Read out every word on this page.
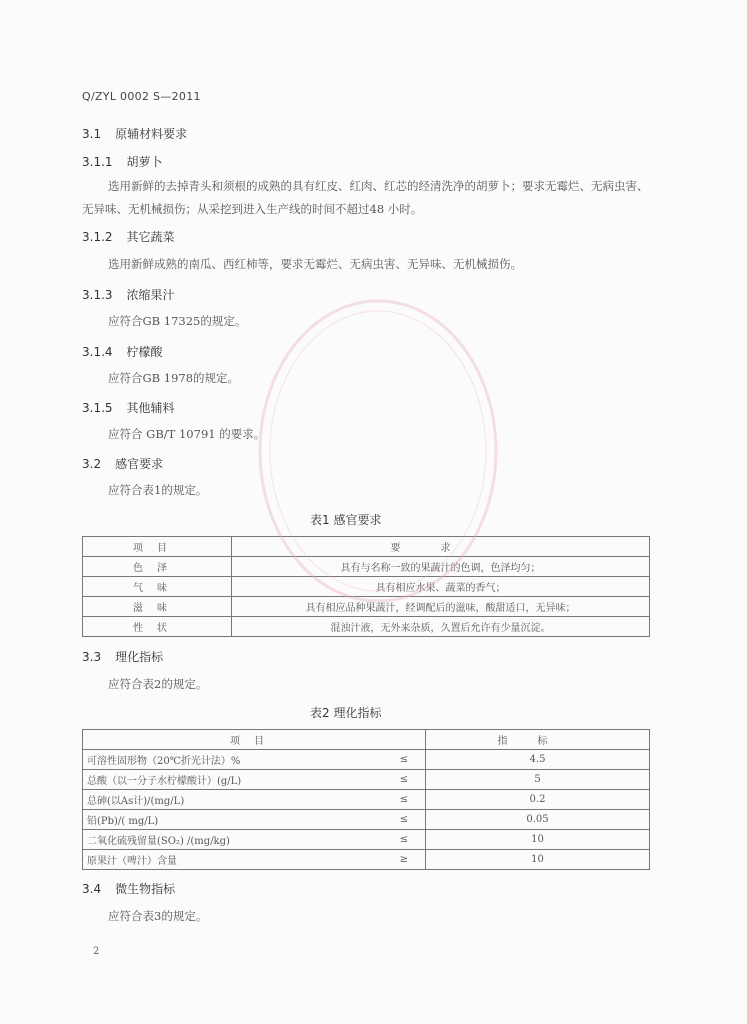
Q/ZYL 0002 S—2011
3.1 原辅材料要求
3.1.1 胡萝卜
选用新鲜的去掉青头和须根的成熟的具有红皮、红肉、红芯的经清洗净的胡萝卜；要求无霉烂、无病虫害、无异味、无机械损伤；从采挖到进入生产线的时间不超过48 小时。
3.1.2 其它蔬菜
选用新鲜成熟的南瓜、西红柿等，要求无霉烂、无病虫害、无异味、无机械损伤。
3.1.3 浓缩果汁
应符合GB 17325的规定。
3.1.4 柠檬酸
应符合GB 1978的规定。
3.1.5 其他辅料
应符合 GB/T 10791 的要求。
3.2 感官要求
应符合表1的规定。
表1 感官要求
项目	要求
色泽	具有与名称一致的果蔬汁的色调，色泽均匀；
气味	具有相应水果、蔬菜的香气；
滋味	具有相应品种果蔬汁，经调配后的滋味，酸甜适口，无异味；
性状	混浊汁液，无外来杂质，久置后允许有少量沉淀。
3.3 理化指标
应符合表2的规定。
表2 理化指标
项目		指标
可溶性固形物（20℃折光计法）%	≤	4.5
总酸（以一分子水柠檬酸计）(g/L)	≤	5
总砷(以As计)/(mg/L)	≤	0.2
铅(Pb)/( mg/L)	≤	0.05
二氧化硫残留量(SO₂) /(mg/kg)	≤	10
原果汁（啤汁）含量	≥	10
3.4 微生物指标
应符合表3的规定。
2
